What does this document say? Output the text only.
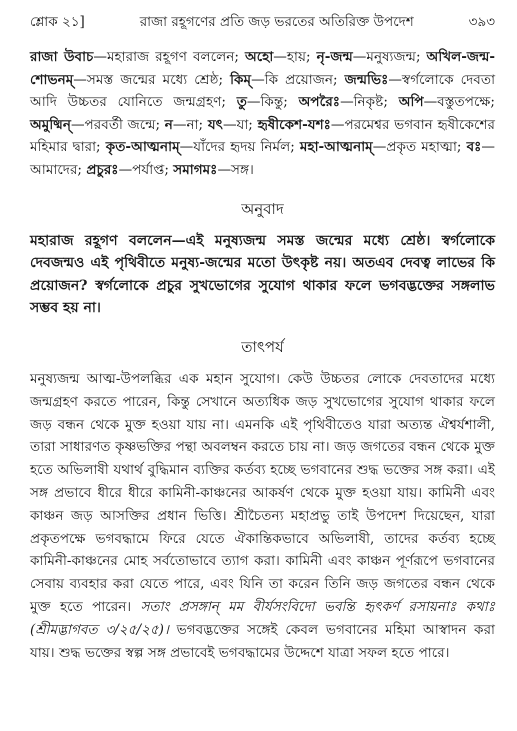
শ্লোক ২১]	রাজা রহূগণের প্রতি জড় ভরতের অতিরিক্ত উপদেশ	৩৯৩
রাজা উবাচ—মহারাজ রহূগণ বললেন; অহো—হায়; নৃ-জন্ম—মনুষ্যজন্ম; অখিল-জন্ম-শোভনম্—সমস্ত জন্মের মধ্যে শ্রেষ্ঠ; কিম্—কি প্রয়োজন; জন্মভিঃ—স্বর্গলোকে দেবতা আদি উচ্চতর যোনিতে জন্মগ্রহণ; তু—কিন্তু; অপরৈঃ—নিকৃষ্ট; অপি—বস্তুতপক্ষে; অমুষ্মিন্—পরবর্তী জন্মে; ন—না; যৎ—যা; হৃষীকেশ-যশঃ—পরমেশ্বর ভগবান হৃষীকেশের মহিমার দ্বারা; কৃত-আত্মনাম্—যাঁদের হৃদয় নির্মল; মহা-আত্মনাম্—প্রকৃত মহাত্মা; বঃ—আমাদের; প্রচুরঃ—পর্যাপ্ত; সমাগমঃ—সঙ্গ।
অনুবাদ
মহারাজ রহূগণ বললেন—এই মনুষ্যজন্ম সমস্ত জন্মের মধ্যে শ্রেষ্ঠ। স্বর্গলোকে দেবজন্মও এই পৃথিবীতে মনুষ্য-জন্মের মতো উৎকৃষ্ট নয়। অতএব দেবত্ব লাভের কি প্রয়োজন? স্বর্গলোকে প্রচুর সুখভোগের সুযোগ থাকার ফলে ভগবদ্ভক্তের সঙ্গলাভ সম্ভব হয় না।
তাৎপর্য
মনুষ্যজন্ম আত্ম-উপলব্ধির এক মহান সুযোগ। কেউ উচ্চতর লোকে দেবতাদের মধ্যে জন্মগ্রহণ করতে পারেন, কিন্তু সেখানে অত্যধিক জড় সুখভোগের সুযোগ থাকার ফলে জড় বন্ধন থেকে মুক্ত হওয়া যায় না। এমনকি এই পৃথিবীতেও যারা অত্যন্ত ঐশ্বর্যশালী, তারা সাধারণত কৃষ্ণভক্তির পন্থা অবলম্বন করতে চায় না। জড় জগতের বন্ধন থেকে মুক্ত হতে অভিলাষী যথার্থ বুদ্ধিমান ব্যক্তির কর্তব্য হচ্ছে ভগবানের শুদ্ধ ভক্তের সঙ্গ করা। এই সঙ্গ প্রভাবে ধীরে ধীরে কামিনী-কাঞ্চনের আকর্ষণ থেকে মুক্ত হওয়া যায়। কামিনী এবং কাঞ্চন জড় আসক্তির প্রধান ভিত্তি। শ্রীচৈতন্য মহাপ্রভু তাই উপদেশ দিয়েছেন, যারা প্রকৃতপক্ষে ভগবদ্ধামে ফিরে যেতে ঐকান্তিকভাবে অভিলাষী, তাদের কর্তব্য হচ্ছে কামিনী-কাঞ্চনের মোহ সর্বতোভাবে ত্যাগ করা। কামিনী এবং কাঞ্চন পূর্ণরূপে ভগবানের সেবায় ব্যবহার করা যেতে পারে, এবং যিনি তা করেন তিনি জড় জগতের বন্ধন থেকে মুক্ত হতে পারেন। সতাং প্রসঙ্গান্ মম বীর্যসংবিদো ভবন্তি হৃৎকর্ণ রসায়নাঃ কথাঃ (শ্রীমদ্ভাগবত ৩/২৫/২৫)। ভগবদ্ভক্তের সঙ্গেই কেবল ভগবানের মহিমা আস্বাদন করা যায়। শুদ্ধ ভক্তের স্বল্প সঙ্গ প্রভাবেই ভগবদ্ধামের উদ্দেশে যাত্রা সফল হতে পারে।
